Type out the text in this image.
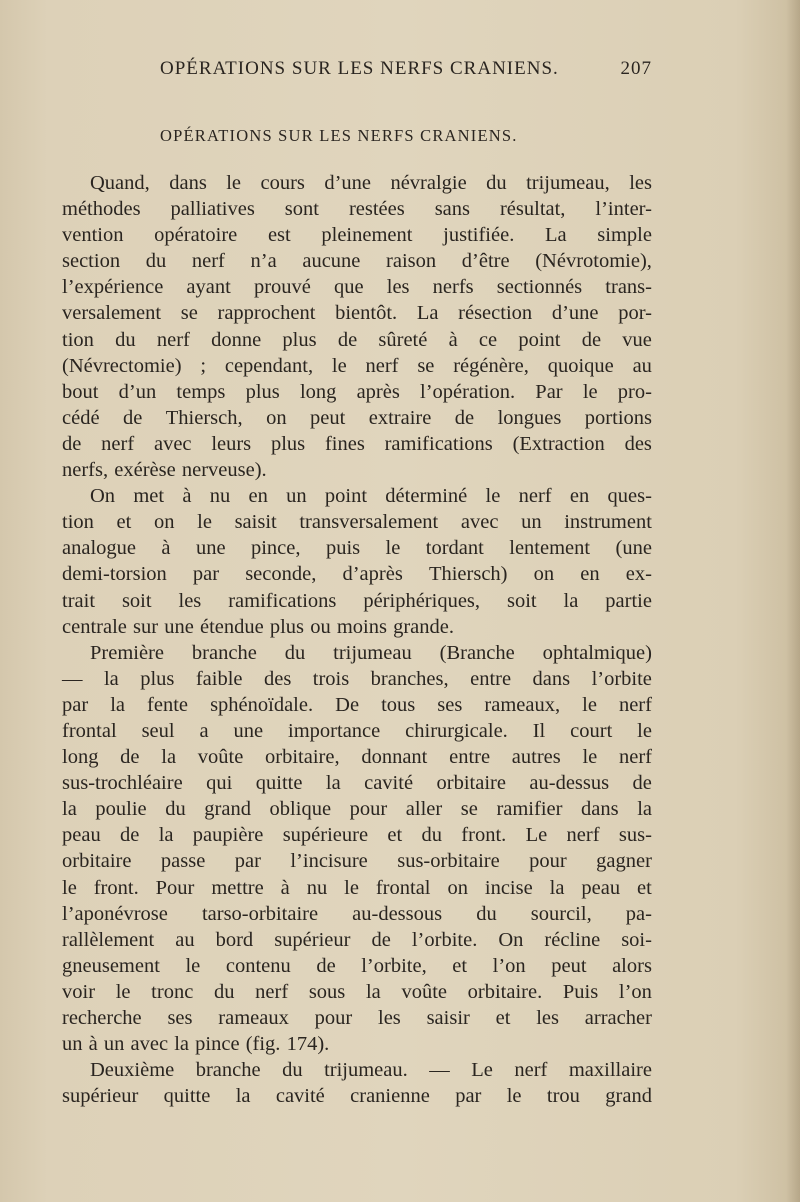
OPÉRATIONS SUR LES NERFS CRANIENS.	207
OPÉRATIONS SUR LES NERFS CRANIENS.
Quand, dans le cours d’une névralgie du trijumeau, les
méthodes palliatives sont restées sans résultat, l’inter-
vention opératoire est pleinement justifiée. La simple
section du nerf n’a aucune raison d’être (Névrotomie),
l’expérience ayant prouvé que les nerfs sectionnés trans-
versalement se rapprochent bientôt. La résection d’une por-
tion du nerf donne plus de sûreté à ce point de vue
(Névrectomie) ; cependant, le nerf se régénère, quoique au
bout d’un temps plus long après l’opération. Par le pro-
cédé de Thiersch, on peut extraire de longues portions
de nerf avec leurs plus fines ramifications (Extraction des
nerfs, exérèse nerveuse).
On met à nu en un point déterminé le nerf en ques-
tion et on le saisit transversalement avec un instrument
analogue à une pince, puis le tordant lentement (une
demi-torsion par seconde, d’après Thiersch) on en ex-
trait soit les ramifications périphériques, soit la partie
centrale sur une étendue plus ou moins grande.
Première branche du trijumeau (Branche ophtalmique)
— la plus faible des trois branches, entre dans l’orbite
par la fente sphénoïdale. De tous ses rameaux, le nerf
frontal seul a une importance chirurgicale. Il court le
long de la voûte orbitaire, donnant entre autres le nerf
sus-trochléaire qui quitte la cavité orbitaire au-dessus de
la poulie du grand oblique pour aller se ramifier dans la
peau de la paupière supérieure et du front. Le nerf sus-
orbitaire passe par l’incisure sus-orbitaire pour gagner
le front. Pour mettre à nu le frontal on incise la peau et
l’aponévrose tarso-orbitaire au-dessous du sourcil, pa-
rallèlement au bord supérieur de l’orbite. On récline soi-
gneusement le contenu de l’orbite, et l’on peut alors
voir le tronc du nerf sous la voûte orbitaire. Puis l’on
recherche ses rameaux pour les saisir et les arracher
un à un avec la pince (fig. 174).
Deuxième branche du trijumeau. — Le nerf maxillaire
supérieur quitte la cavité cranienne par le trou grand
